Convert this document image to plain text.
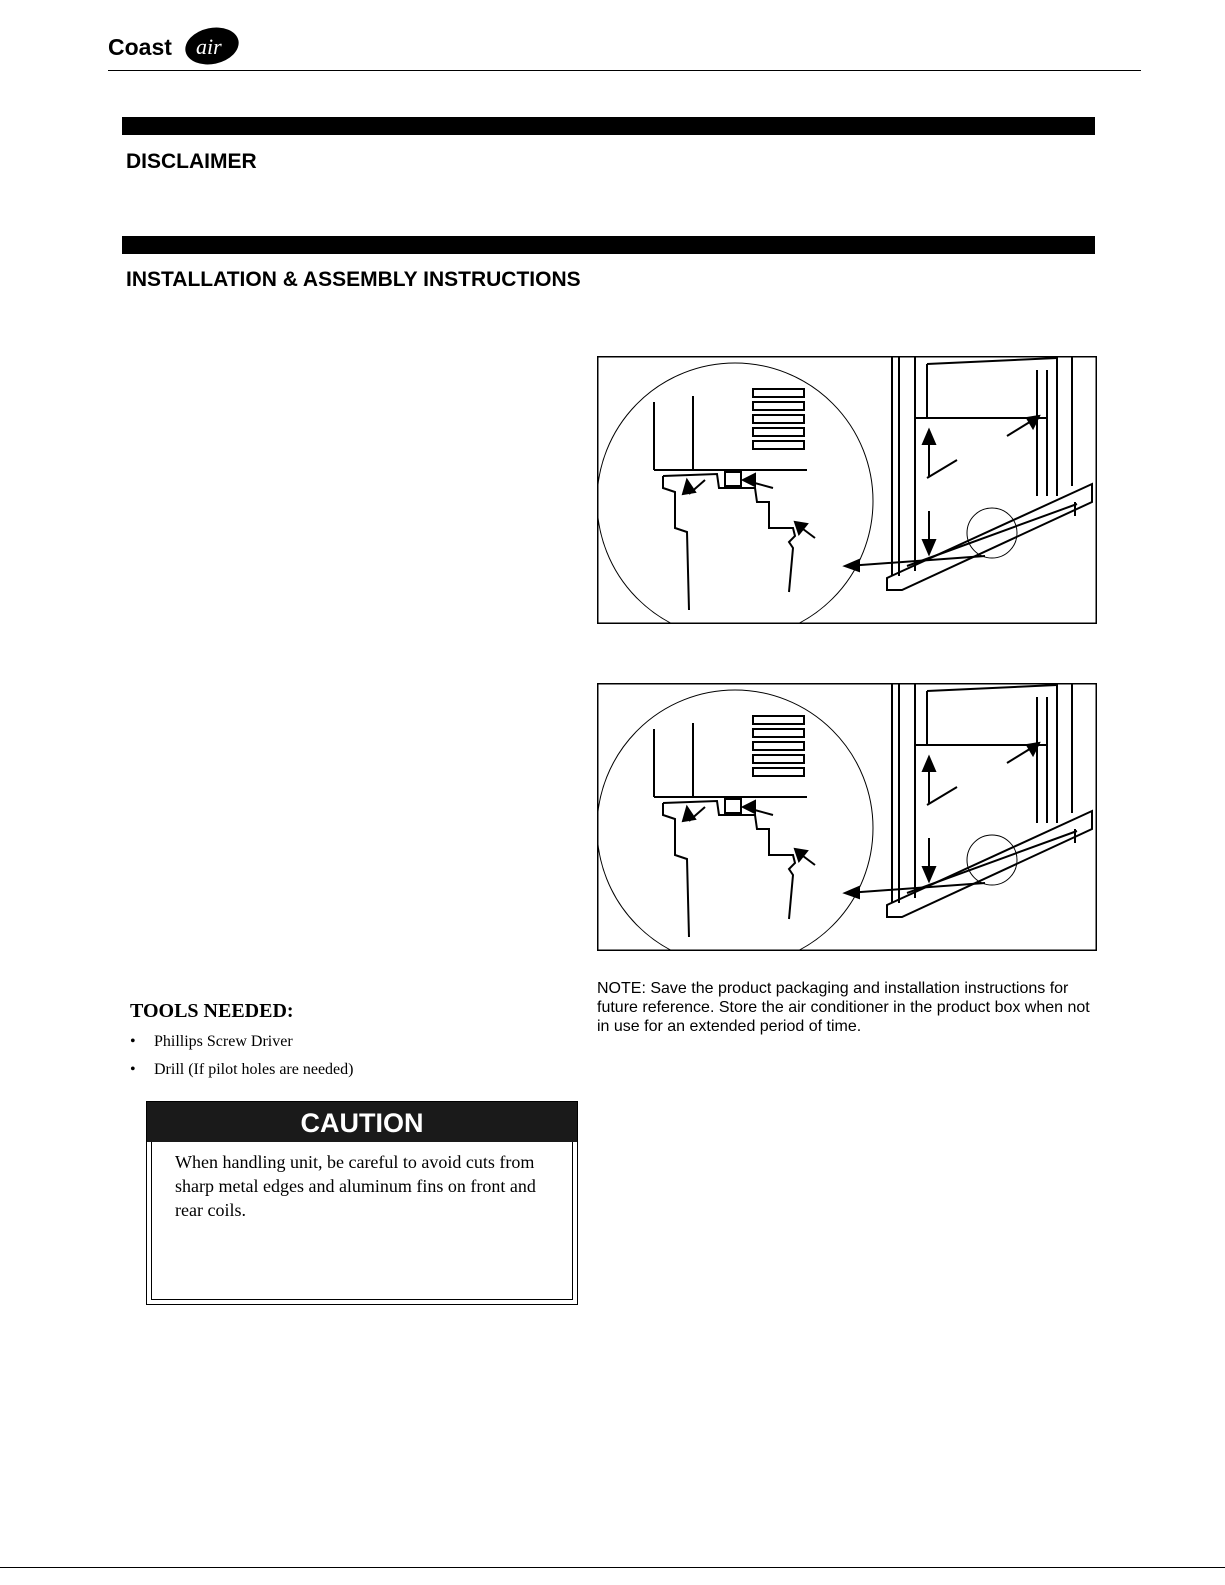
Coast air
DISCLAIMER
INSTALLATION & ASSEMBLY INSTRUCTIONS
NOTE: Save the product packaging and installation instructions for future reference. Store the air conditioner in the product box when not in use for an extended period of time.
TOOLS NEEDED:
• Phillips Screw Driver
• Drill (If pilot holes are needed)
CAUTION
When handling unit, be careful to avoid cuts from sharp metal edges and aluminum fins on front and rear coils.
